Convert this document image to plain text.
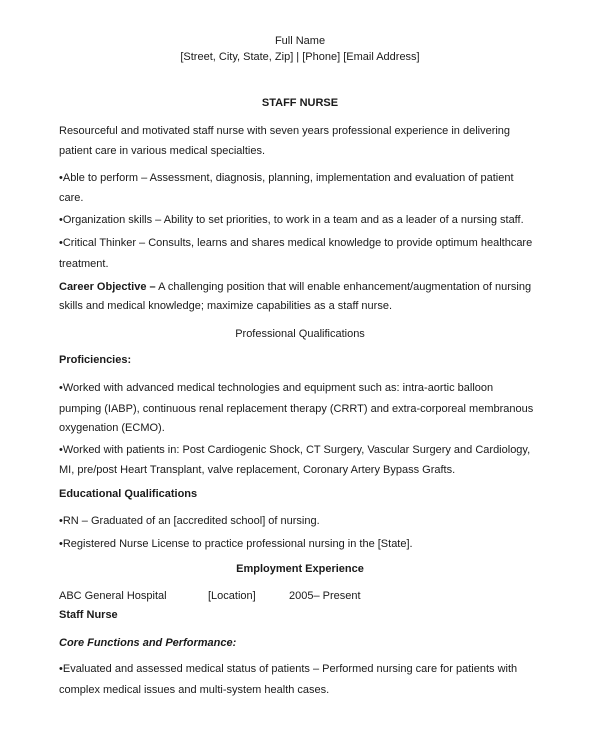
Full Name
[Street, City, State, Zip] | [Phone] [Email Address]
STAFF NURSE
Resourceful and motivated staff nurse with seven years professional experience in delivering
patient care in various medical specialties.
•Able to perform – Assessment, diagnosis, planning, implementation and evaluation of patient
care.
•Organization skills – Ability to set priorities, to work in a team and as a leader of a nursing staff.
•Critical Thinker – Consults, learns and shares medical knowledge to provide optimum healthcare
treatment.
Career Objective – A challenging position that will enable enhancement/augmentation of nursing
skills and medical knowledge; maximize capabilities as a staff nurse.
Professional Qualifications
Proficiencies:
•Worked with advanced medical technologies and equipment such as: intra-aortic balloon
pumping (IABP), continuous renal replacement therapy (CRRT) and extra-corporeal membranous
oxygenation (ECMO).
•Worked with patients in: Post Cardiogenic Shock, CT Surgery, Vascular Surgery and Cardiology,
MI, pre/post Heart Transplant, valve replacement, Coronary Artery Bypass Grafts.
Educational Qualifications
•RN – Graduated of an [accredited school] of nursing.
•Registered Nurse License to practice professional nursing in the [State].
Employment Experience
ABC General Hospital	[Location]	2005– Present
Staff Nurse
Core Functions and Performance:
•Evaluated and assessed medical status of patients – Performed nursing care for patients with
complex medical issues and multi-system health cases.
